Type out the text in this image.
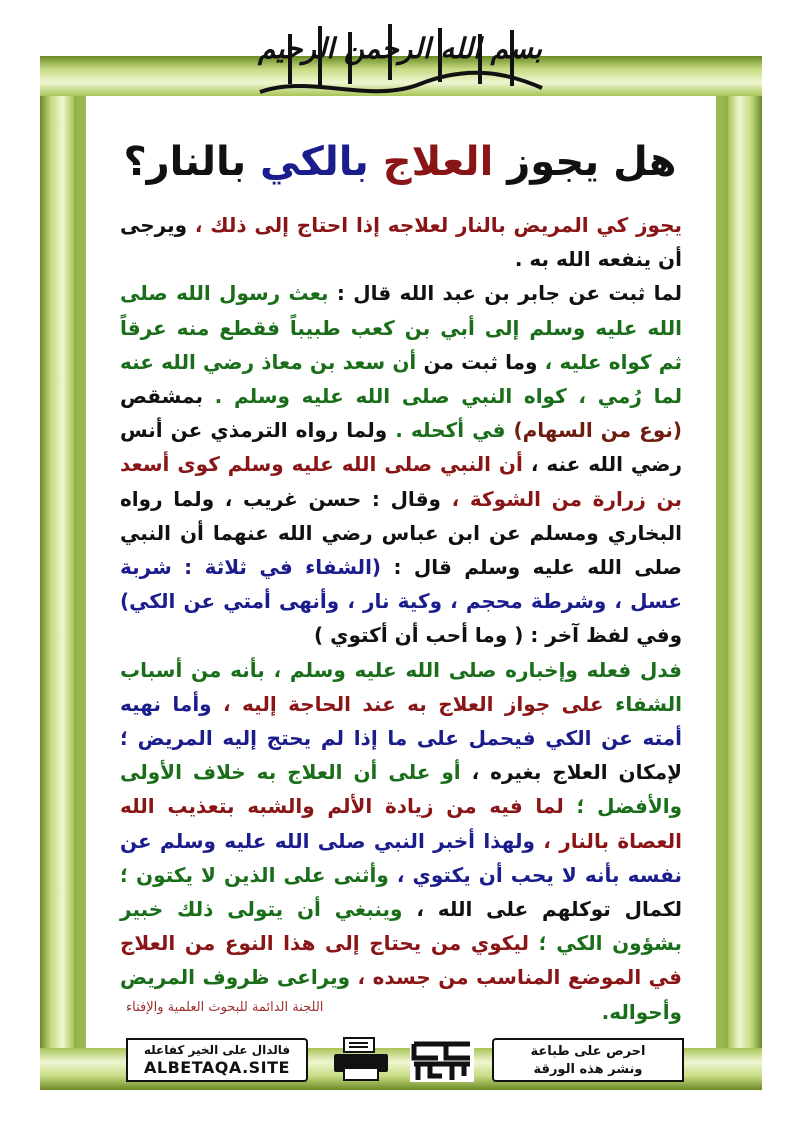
بسم الله الرحمن الرحيم
هل يجوز العلاج بالكي بالنار؟

يجوز كي المريض بالنار لعلاجه إذا احتاج إلى ذلك ، ويرجى أن ينفعه الله به .

لما ثبت عن جابر بن عبد الله قال : بعث رسول الله صلى الله عليه وسلم إلى أبي بن كعب طبيباً فقطع منه عرقاً ثم كواه عليه ، وما ثبت من أن سعد بن معاذ رضي الله عنه لما رُمي ، كواه النبي صلى الله عليه وسلم . بمشقص (نوع من السهام) في أكحله . ولما رواه الترمذي عن أنس رضي الله عنه ، أن النبي صلى الله عليه وسلم كوى أسعد بن زرارة من الشوكة ، وقال : حسن غريب ، ولما رواه البخاري ومسلم عن ابن عباس رضي الله عنهما أن النبي صلى الله عليه وسلم قال : (الشفاء في ثلاثة : شربة عسل ، وشرطة محجم ، وكية نار ، وأنهى أمتي عن الكي) وفي لفظ آخر : ( وما أحب أن أكتوي )

فدل فعله وإخباره صلى الله عليه وسلم ، بأنه من أسباب الشفاء على جواز العلاج به عند الحاجة إليه ، وأما نهيه أمته عن الكي فيحمل على ما إذا لم يحتج إليه المريض ؛ لإمكان العلاج بغيره ، أو على أن العلاج به خلاف الأولى والأفضل ؛ لما فيه من زيادة الألم والشبه بتعذيب الله العصاة بالنار ، ولهذا أخبر النبي صلى الله عليه وسلم عن نفسه بأنه لا يحب أن يكتوي ، وأثنى على الذين لا يكتون ؛ لكمال توكلهم على الله ، وينبغي أن يتولى ذلك خبير بشؤون الكي ؛ ليكوي من يحتاج إلى هذا النوع من العلاج في الموضع المناسب من جسده ، ويراعى ظروف المريض وأحواله.

اللجنة الدائمة للبحوث العلمية والإفتاء
فالدال على الخير كفاعله
ALBETAQA.SITE
دعوة الورقة
احرص على طباعة
ونشر هذه الورقة
